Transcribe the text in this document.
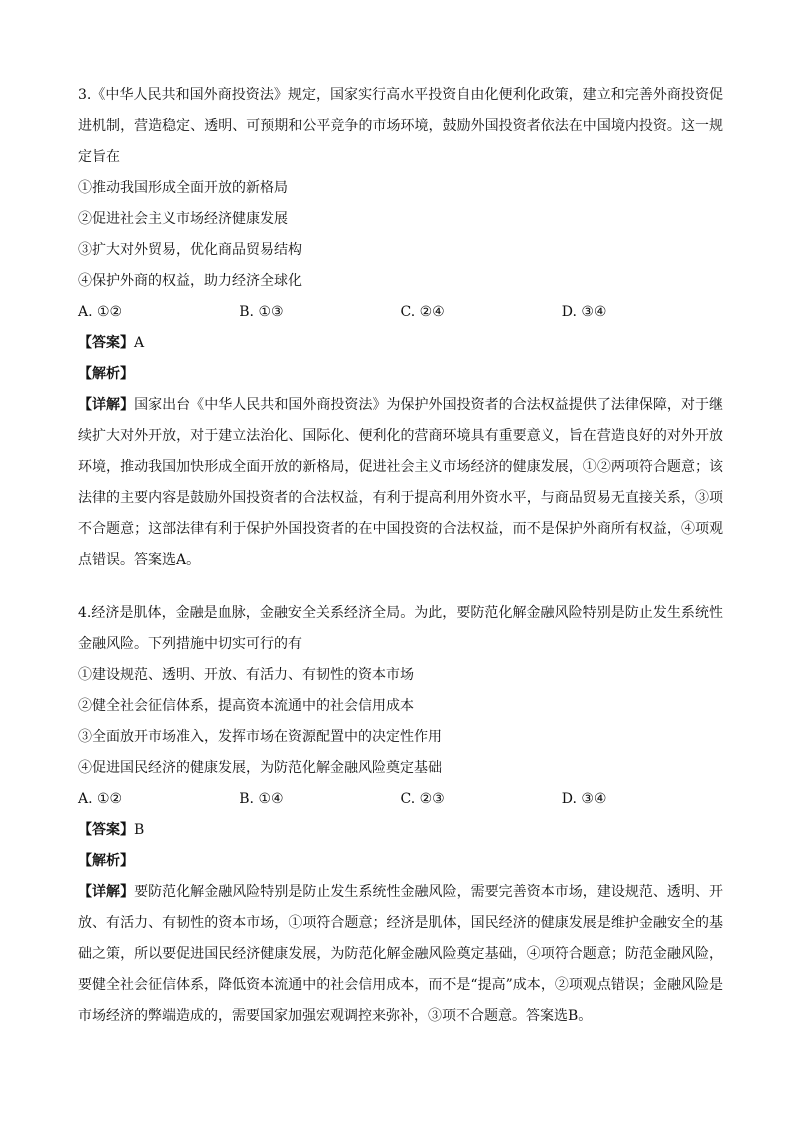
3.《中华人民共和国外商投资法》规定，国家实行高水平投资自由化便利化政策，建立和完善外商投资促进机制，营造稳定、透明、可预期和公平竞争的市场环境，鼓励外国投资者依法在中国境内投资。这一规定旨在
①推动我国形成全面开放的新格局
②促进社会主义市场经济健康发展
③扩大对外贸易，优化商品贸易结构
④保护外商的权益，助力经济全球化
A. ①②	B. ①③	C. ②④	D. ③④
【答案】A
【解析】
【详解】国家出台《中华人民共和国外商投资法》为保护外国投资者的合法权益提供了法律保障，对于继续扩大对外开放，对于建立法治化、国际化、便利化的营商环境具有重要意义，旨在营造良好的对外开放环境，推动我国加快形成全面开放的新格局，促进社会主义市场经济的健康发展，①②两项符合题意；该法律的主要内容是鼓励外国投资者的合法权益，有利于提高利用外资水平，与商品贸易无直接关系，③项不合题意；这部法律有利于保护外国投资者的在中国投资的合法权益，而不是保护外商所有权益，④项观点错误。答案选A。
4.经济是肌体，金融是血脉，金融安全关系经济全局。为此，要防范化解金融风险特别是防止发生系统性金融风险。下列措施中切实可行的有
①建设规范、透明、开放、有活力、有韧性的资本市场
②健全社会征信体系，提高资本流通中的社会信用成本
③全面放开市场准入，发挥市场在资源配置中的决定性作用
④促进国民经济的健康发展，为防范化解金融风险奠定基础
A. ①②	B. ①④	C. ②③	D. ③④
【答案】B
【解析】
【详解】要防范化解金融风险特别是防止发生系统性金融风险，需要完善资本市场，建设规范、透明、开放、有活力、有韧性的资本市场，①项符合题意；经济是肌体，国民经济的健康发展是维护金融安全的基础之策，所以要促进国民经济健康发展，为防范化解金融风险奠定基础，④项符合题意；防范金融风险，要健全社会征信体系，降低资本流通中的社会信用成本，而不是“提高”成本，②项观点错误；金融风险是市场经济的弊端造成的，需要国家加强宏观调控来弥补，③项不合题意。答案选B。
